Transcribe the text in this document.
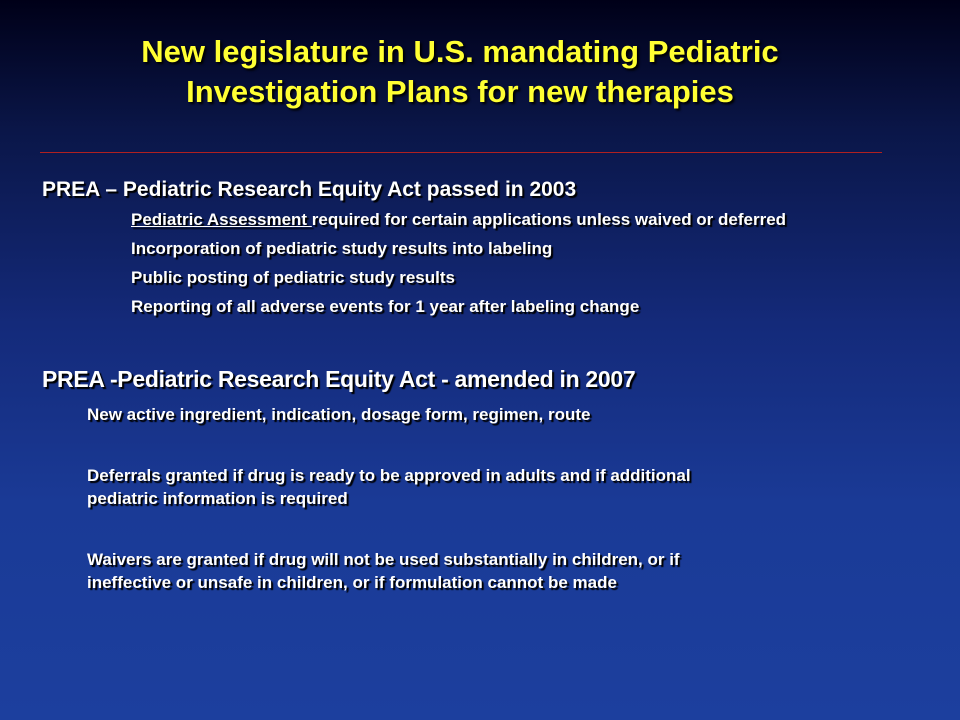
New legislature in U.S. mandating Pediatric
Investigation Plans for new therapies
PREA – Pediatric Research Equity Act passed in 2003
Pediatric Assessment required for certain applications unless waived or deferred
Incorporation of pediatric study results into labeling
Public posting of pediatric study results
Reporting of all adverse events for 1 year after labeling change
PREA -Pediatric Research Equity Act - amended in 2007
New active ingredient, indication, dosage form, regimen, route
Deferrals granted if drug is ready to be approved in adults and if additional
pediatric information is required
Waivers are granted if drug will not be used substantially in children, or if
ineffective or unsafe in children, or if formulation cannot be made
